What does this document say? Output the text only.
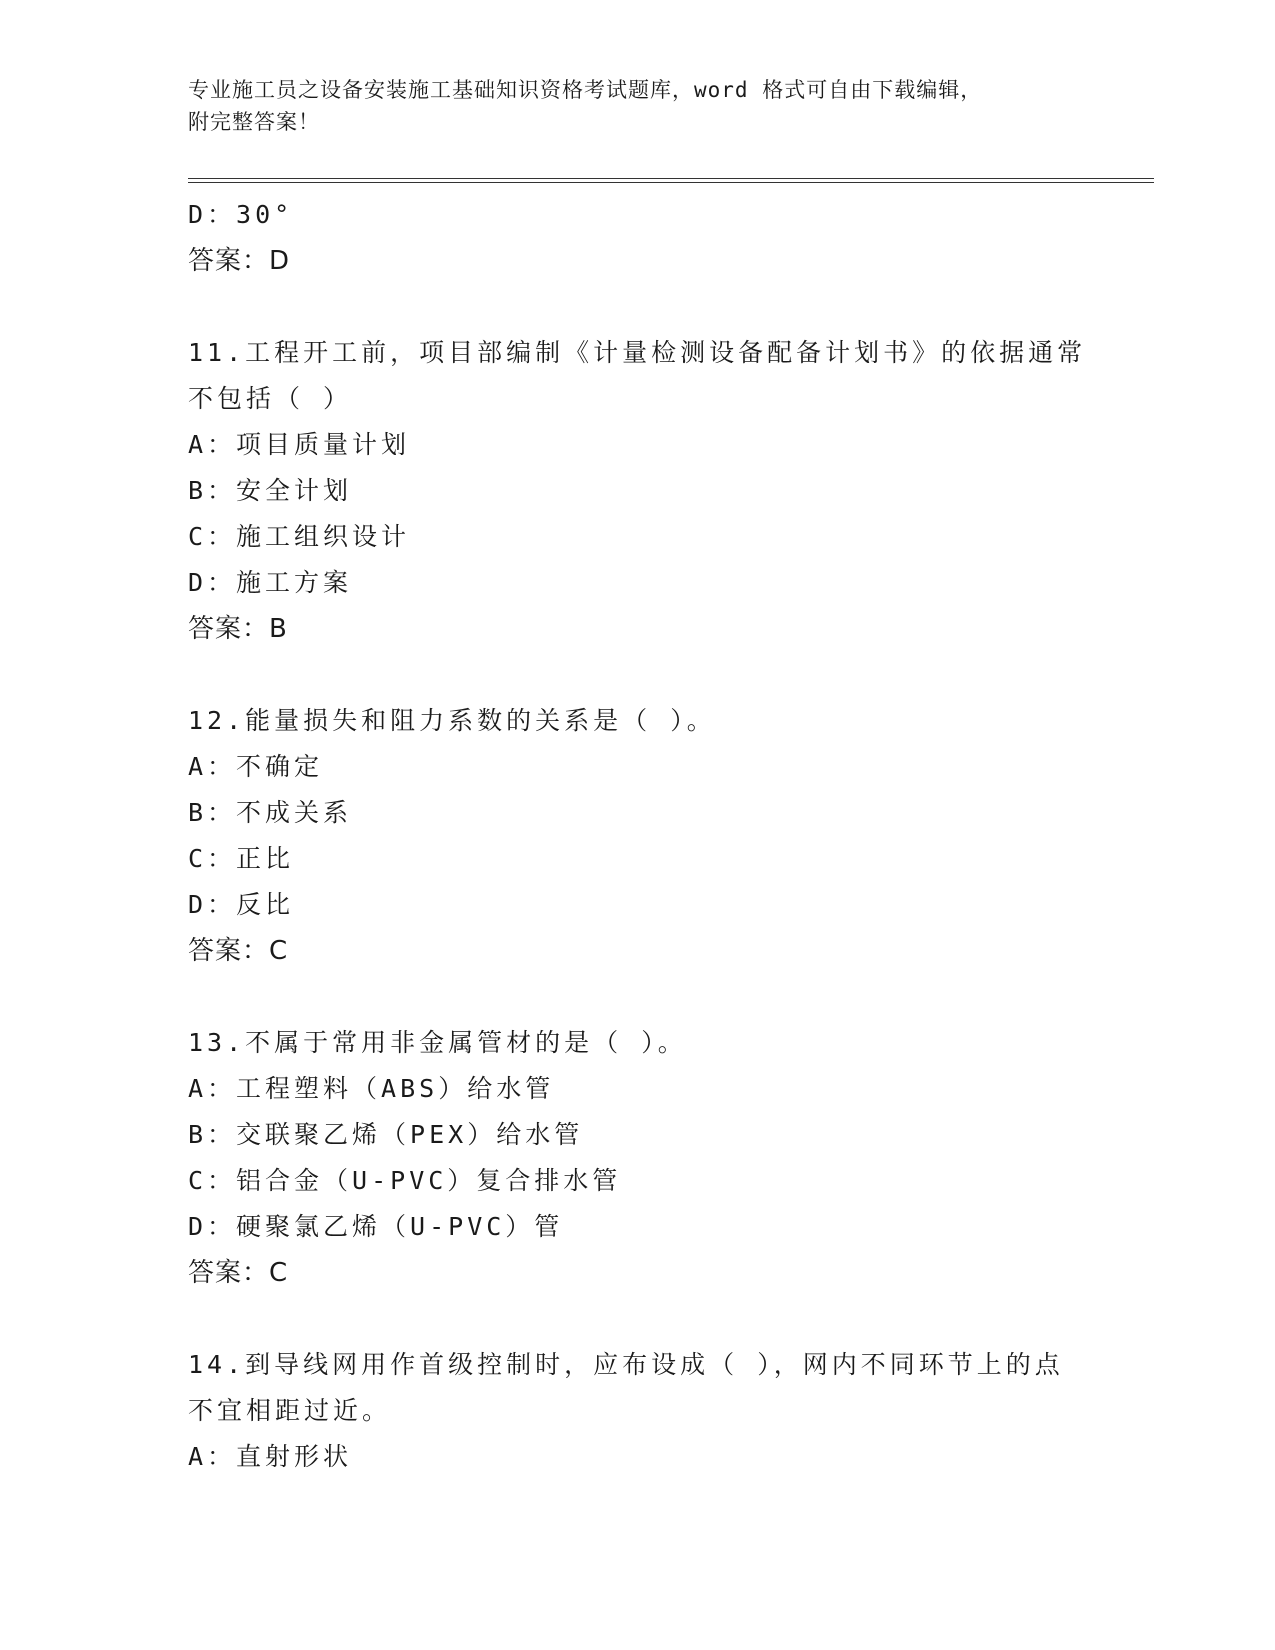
专业施工员之设备安装施工基础知识资格考试题库，word 格式可自由下载编辑，
附完整答案！
D：30°
答案：D
11.工程开工前，项目部编制《计量检测设备配备计划书》的依据通常
不包括（ ）
A：项目质量计划
B：安全计划
C：施工组织设计
D：施工方案
答案：B
12.能量损失和阻力系数的关系是（ ）。
A：不确定
B：不成关系
C：正比
D：反比
答案：C
13.不属于常用非金属管材的是（ ）。
A：工程塑料（ABS）给水管
B：交联聚乙烯（PEX）给水管
C：铝合金（U-PVC）复合排水管
D：硬聚氯乙烯（U-PVC）管
答案：C
14.到导线网用作首级控制时，应布设成（ ），网内不同环节上的点
不宜相距过近。
A：直射形状
